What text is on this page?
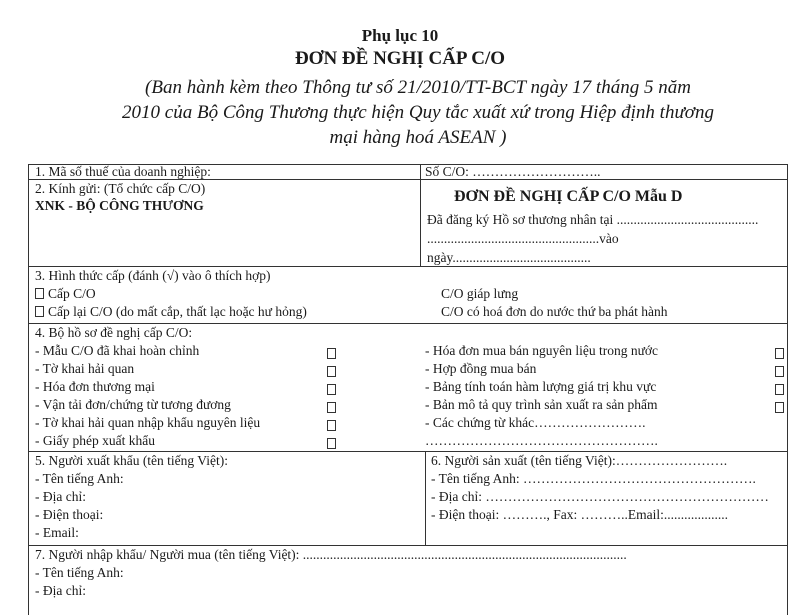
Phụ lục 10
ĐƠN ĐỀ NGHỊ CẤP C/O
(Ban hành kèm theo Thông tư số 21/2010/TT-BCT ngày 17 tháng 5 năm
2010 của Bộ Công Thương thực hiện Quy tắc xuất xứ trong Hiệp định thương
mại hàng hoá ASEAN )
1. Mã số thuế của doanh nghiệp:	Số C/O: ………………………..
2. Kính gửi: (Tổ chức cấp C/O)
XNK - BỘ CÔNG THƯƠNG
ĐƠN ĐỀ NGHỊ CẤP C/O Mẫu D
Đã đăng ký Hồ sơ thương nhân tại ..........................................
...................................................vào
ngày.........................................
3. Hình thức cấp (đánh (√) vào ô thích hợp)
Cấp C/O
Cấp lại C/O (do mất cắp, thất lạc hoặc hư hỏng)
C/O giáp lưng
C/O có hoá đơn do nước thứ ba phát hành
4. Bộ hồ sơ đề nghị cấp C/O:
- Mẫu C/O đã khai hoàn chỉnh
- Tờ khai hải quan
- Hóa đơn thương mại
- Vận tải đơn/chứng từ tương đương
- Tờ khai hải quan nhập khẩu nguyên liệu
- Giấy phép xuất khẩu
- Hóa đơn mua bán nguyên liệu trong nước
- Hợp đồng mua bán
- Bảng tính toán hàm lượng giá trị khu vực
- Bản mô tả quy trình sản xuất ra sản phẩm
- Các chứng từ khác…………………….
…………………………………………….
5. Người xuất khẩu (tên tiếng Việt):
- Tên tiếng Anh:
- Địa chỉ:
- Điện thoại:
- Email:
6. Người sản xuất (tên tiếng Việt):…………………….
- Tên tiếng Anh: …………………………………………….
- Địa chỉ: ………………………………………………………
- Điện thoại: ………., Fax: ………..Email:...................
7. Người nhập khẩu/ Người mua (tên tiếng Việt): ................................................................................................
- Tên tiếng Anh:
- Địa chỉ:
